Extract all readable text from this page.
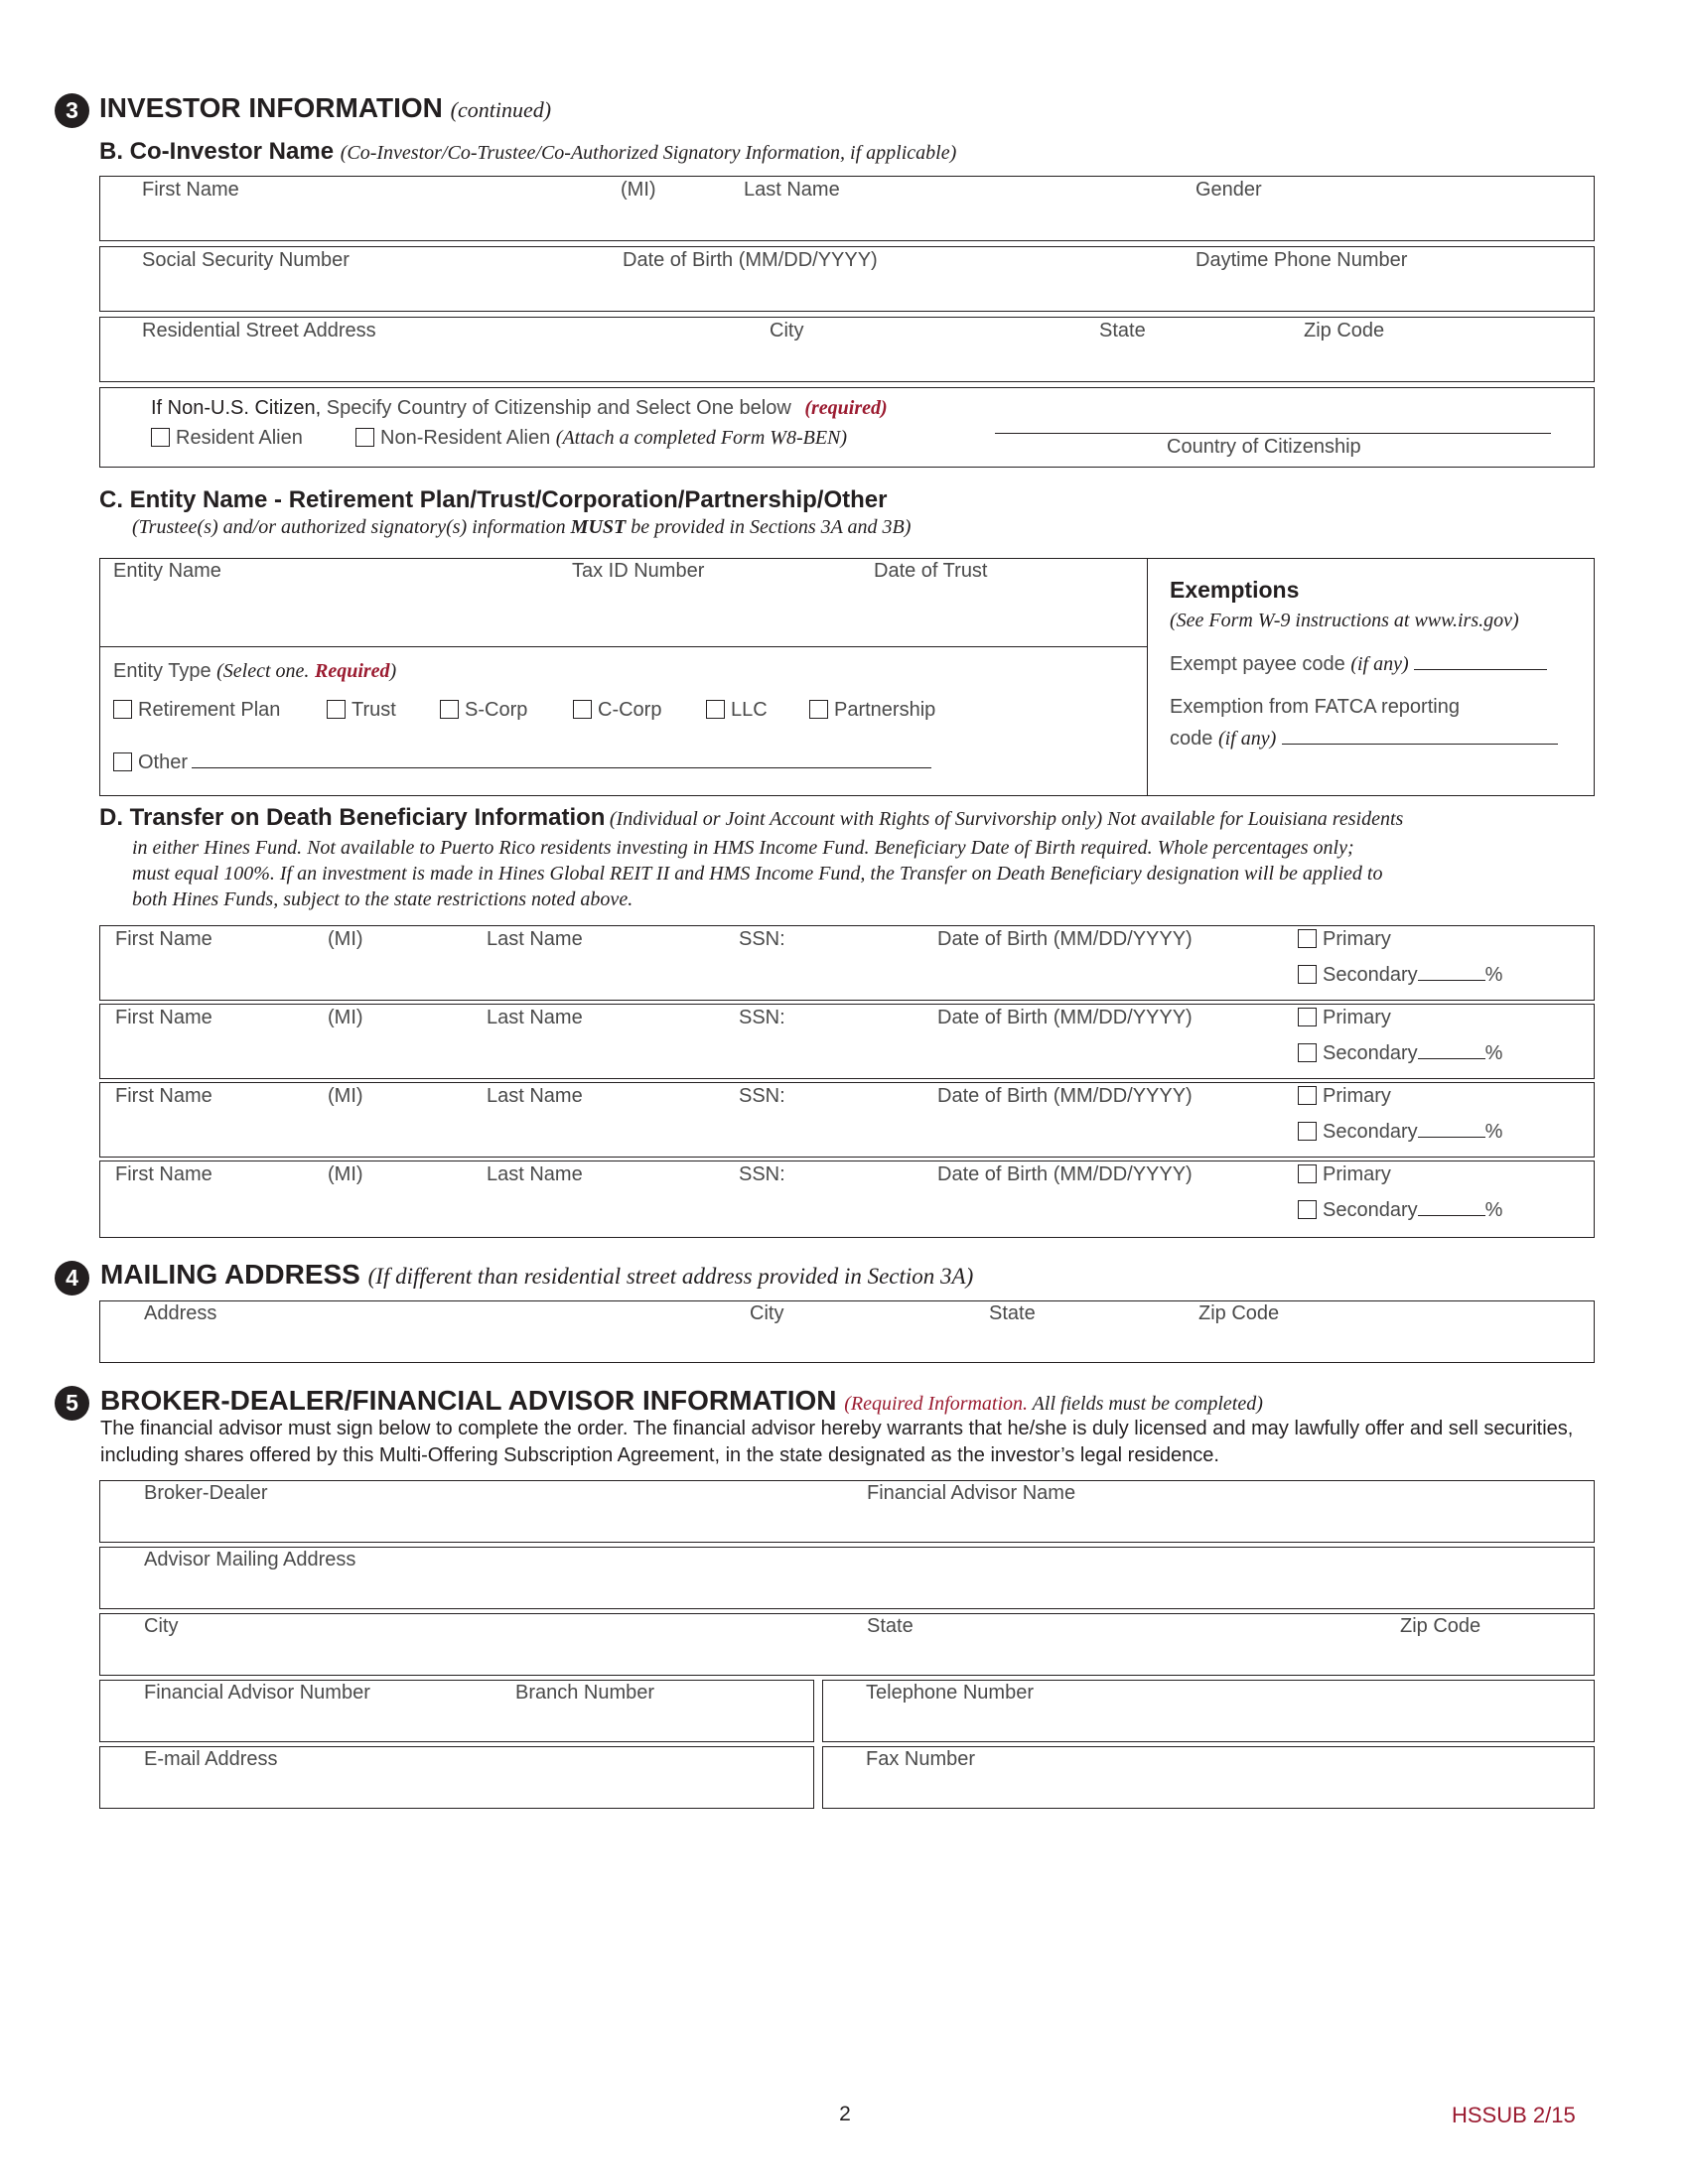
3 INVESTOR INFORMATION (continued)
B. Co-Investor Name (Co-Investor/Co-Trustee/Co-Authorized Signatory Information, if applicable)
First Name	(MI)	Last Name	Gender
Social Security Number	Date of Birth (MM/DD/YYYY)	Daytime Phone Number
Residential Street Address	City	State	Zip Code
If Non-U.S. Citizen, Specify Country of Citizenship and Select One below (required)
Resident Alien	Non-Resident Alien (Attach a completed Form W8-BEN)	Country of Citizenship
C. Entity Name - Retirement Plan/Trust/Corporation/Partnership/Other
(Trustee(s) and/or authorized signatory(s) information MUST be provided in Sections 3A and 3B)
Entity Name	Tax ID Number	Date of Trust
Entity Type (Select one. Required)
Retirement Plan	Trust	S-Corp	C-Corp	LLC	Partnership
Other
Exemptions
(See Form W-9 instructions at www.irs.gov)
Exempt payee code (if any)
Exemption from FATCA reporting
code (if any)
D. Transfer on Death Beneficiary Information (Individual or Joint Account with Rights of Survivorship only) Not available for Louisiana residents
in either Hines Fund. Not available to Puerto Rico residents investing in HMS Income Fund. Beneficiary Date of Birth required. Whole percentages only;
must equal 100%. If an investment is made in Hines Global REIT II and HMS Income Fund, the Transfer on Death Beneficiary designation will be applied to
both Hines Funds, subject to the state restrictions noted above.
First Name	(MI)	Last Name	SSN:	Date of Birth (MM/DD/YYYY)	Primary
Secondary	%
First Name	(MI)	Last Name	SSN:	Date of Birth (MM/DD/YYYY)	Primary
Secondary	%
First Name	(MI)	Last Name	SSN:	Date of Birth (MM/DD/YYYY)	Primary
Secondary	%
First Name	(MI)	Last Name	SSN:	Date of Birth (MM/DD/YYYY)	Primary
Secondary	%
4 MAILING ADDRESS (If different than residential street address provided in Section 3A)
Address	City	State	Zip Code
5 BROKER-DEALER/FINANCIAL ADVISOR INFORMATION (Required Information. All fields must be completed)
The financial advisor must sign below to complete the order. The financial advisor hereby warrants that he/she is duly licensed and may lawfully offer and sell securities, including shares offered by this Multi-Offering Subscription Agreement, in the state designated as the investor’s legal residence.
Broker-Dealer	Financial Advisor Name
Advisor Mailing Address
City	State	Zip Code
Financial Advisor Number	Branch Number	Telephone Number
E-mail Address	Fax Number
2	HSSUB 2/15
